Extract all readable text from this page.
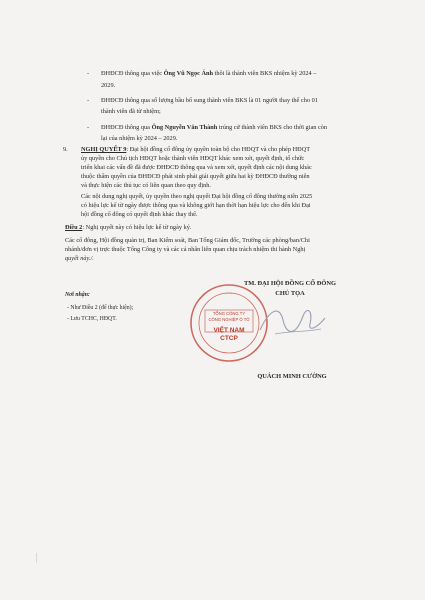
- ĐHĐCĐ thông qua việc Ông Vũ Ngọc Ánh thôi là thành viên BKS nhiệm kỳ 2024 –
2029.
- ĐHĐCĐ thông qua số lượng bầu bổ sung thành viên BKS là 01 người thay thế cho 01
thành viên đã từ nhiệm;
- ĐHĐCĐ thông qua Ông Nguyễn Văn Thành trúng cử thành viên BKS cho thời gian còn
lại của nhiệm kỳ 2024 – 2029.
9. NGHỊ QUYẾT 9: Đại hội đồng cổ đông ủy quyền toàn bộ cho HĐQT và cho phép HĐQT
ủy quyền cho Chủ tịch HĐQT hoặc thành viên HĐQT khác xem xét, quyết định, tổ chức
triển khai các vấn đề đã được ĐHĐCĐ thông qua và xem xét, quyết định các nội dung khác
thuộc thẩm quyền của ĐHĐCĐ phát sinh phải giải quyết giữa hai kỳ ĐHĐCĐ thường niên
và thực hiện các thủ tục có liên quan theo quy định.
Các nội dung nghị quyết, ủy quyền theo nghị quyết Đại hội đồng cổ đông thường niên 2025
có hiệu lực kể từ ngày được thông qua và không giới hạn thời hạn hiệu lực cho đến khi Đại
hội đồng cổ đông có quyết định khác thay thế.
Điều 2: Nghị quyết này có hiệu lực kể từ ngày ký.
Các cổ đông, Hội đồng quản trị, Ban Kiểm soát, Ban Tổng Giám đốc, Trưởng các phòng/ban/Chi
nhánh/đơn vị trực thuộc Tổng Công ty và các cá nhân liên quan chịu trách nhiệm thi hành Nghị
quyết này./.
Nơi nhận:
- Như Điều 2 (để thực hiện);
- Lưu TCHC, HĐQT.
TM. ĐẠI HỘI ĐỒNG CỔ ĐÔNG
CHỦ TỌA
TỔNG CÔNG TY
CÔNG NGHIỆP Ô TÔ
VIỆT NAM
CTCP
* * *
QUÁCH MINH CƯỜNG
